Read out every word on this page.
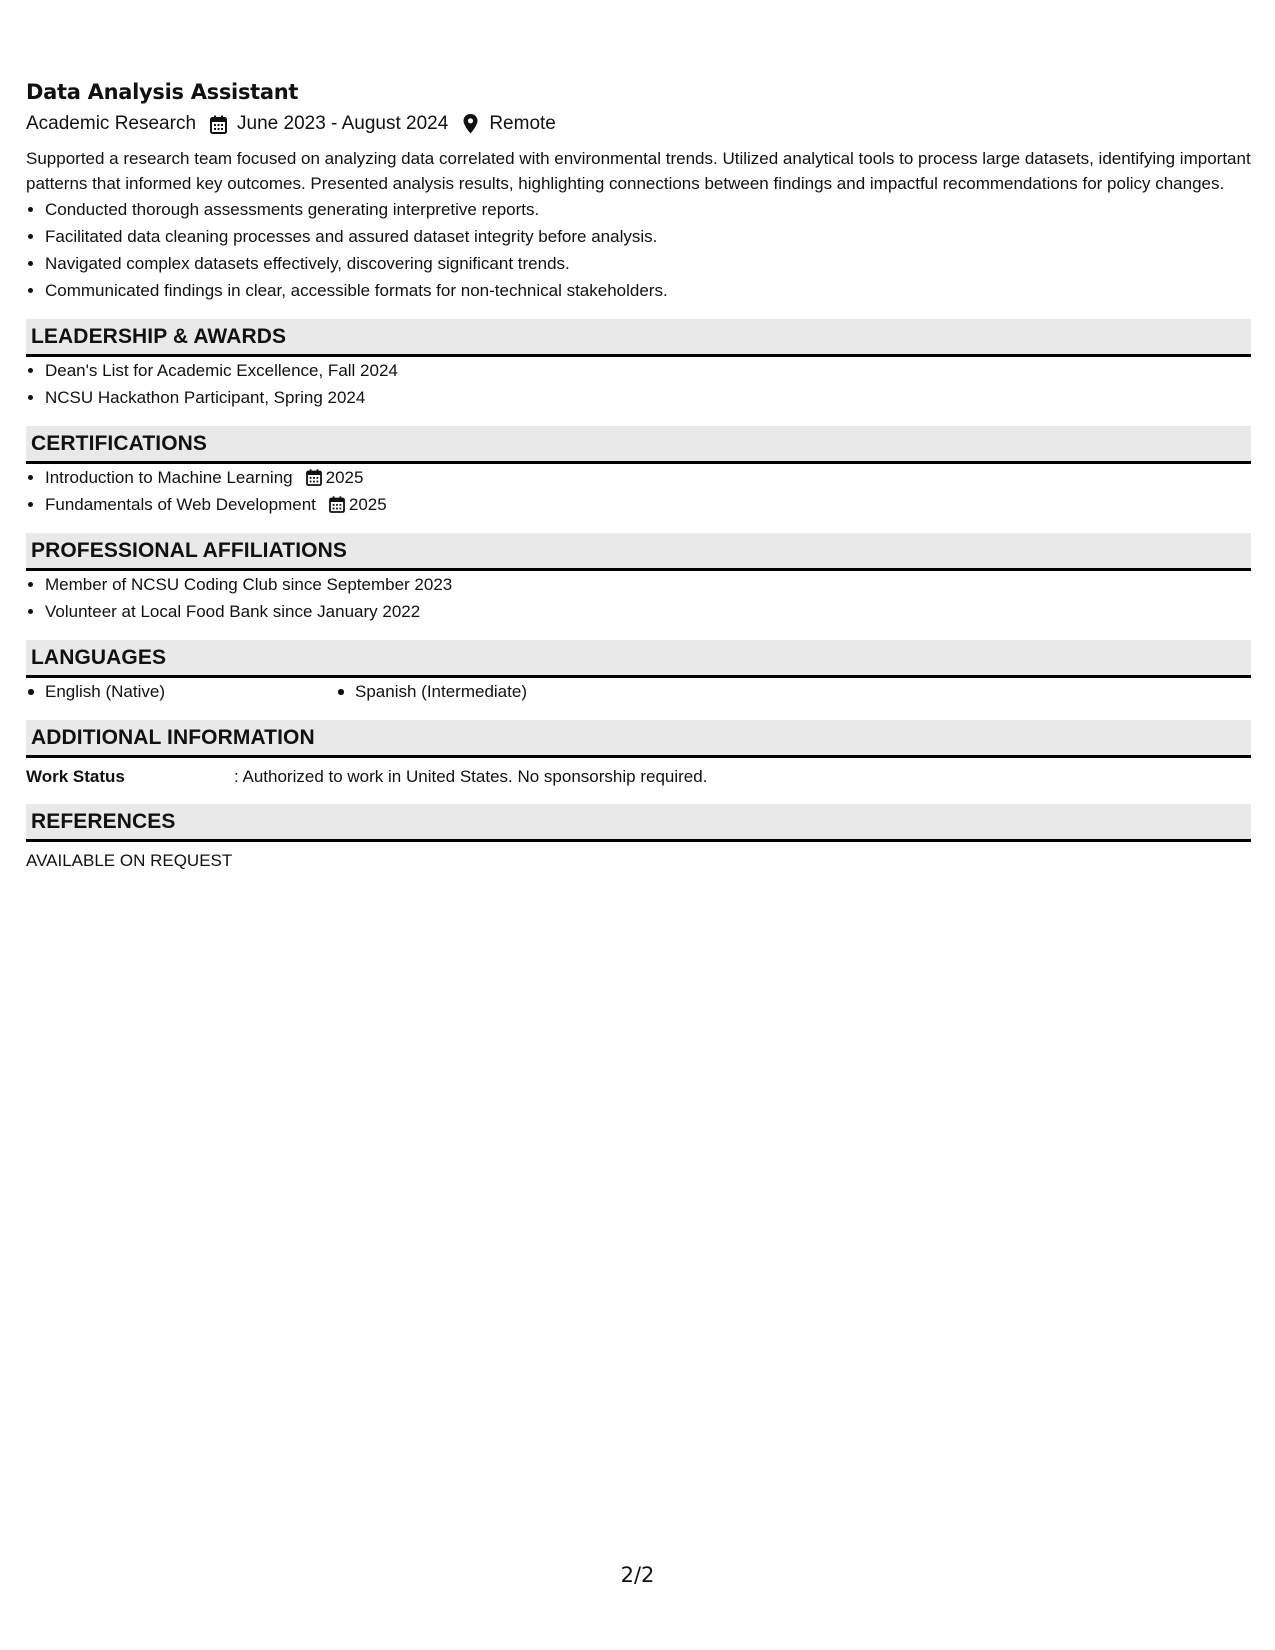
Data Analysis Assistant
Academic Research June 2023 - August 2024 Remote

Supported a research team focused on analyzing data correlated with environmental trends. Utilized analytical tools to process large datasets, identifying important patterns that informed key outcomes. Presented analysis results, highlighting connections between findings and impactful recommendations for policy changes.

• Conducted thorough assessments generating interpretive reports.
• Facilitated data cleaning processes and assured dataset integrity before analysis.
• Navigated complex datasets effectively, discovering significant trends.
• Communicated findings in clear, accessible formats for non-technical stakeholders.
LEADERSHIP & AWARDS
• Dean's List for Academic Excellence, Fall 2024
• NCSU Hackathon Participant, Spring 2024
CERTIFICATIONS
• Introduction to Machine Learning 2025
• Fundamentals of Web Development 2025
PROFESSIONAL AFFILIATIONS
• Member of NCSU Coding Club since September 2023
• Volunteer at Local Food Bank since January 2022
LANGUAGES
English (Native)	Spanish (Intermediate)
ADDITIONAL INFORMATION
Work Status	: Authorized to work in United States. No sponsorship required.
REFERENCES
AVAILABLE ON REQUEST
2/2
